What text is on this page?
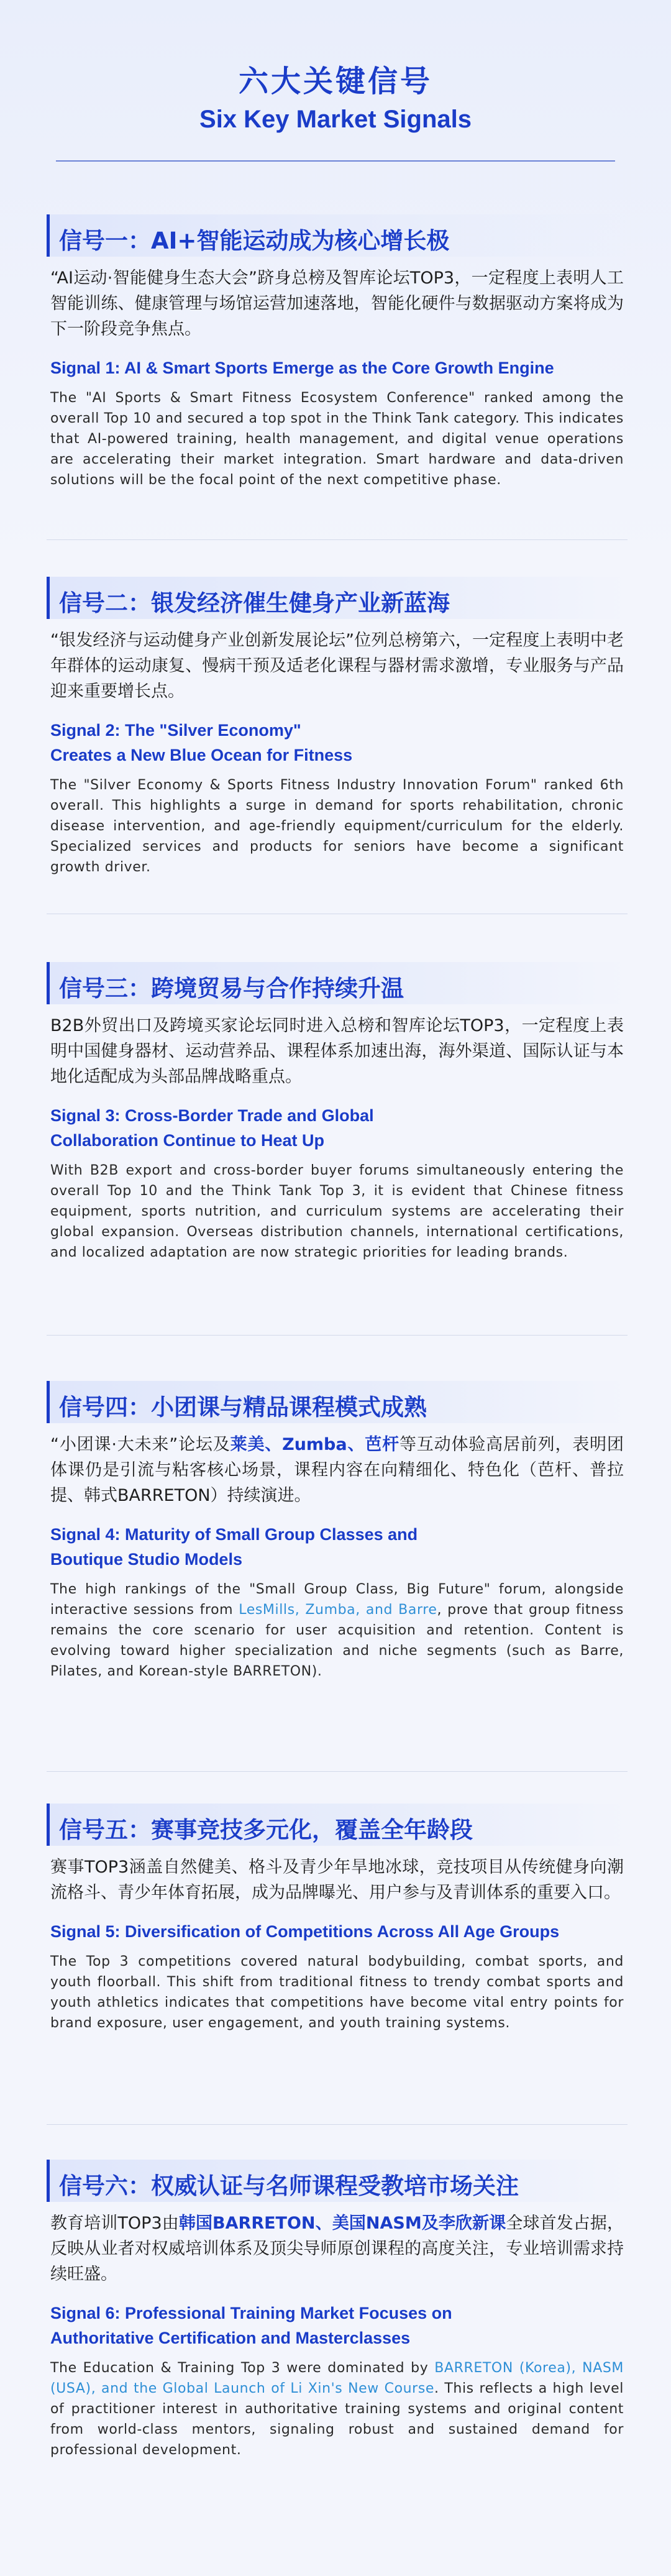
六大关键信号
Six Key Market Signals
信号一：AI+智能运动成为核心增长极
“AI运动·智能健身生态大会”跻身总榜及智库论坛TOP3，一定程度上表明人工智能训练、健康管理与场馆运营加速落地，智能化硬件与数据驱动方案将成为下一阶段竞争焦点。
Signal 1: AI & Smart Sports Emerge as the Core Growth Engine
The "AI Sports & Smart Fitness Ecosystem Conference" ranked among the overall Top 10 and secured a top spot in the Think Tank category. This indicates that AI-powered training, health management, and digital venue operations are accelerating their market integration. Smart hardware and data-driven solutions will be the focal point of the next competitive phase.
信号二：银发经济催生健身产业新蓝海
“银发经济与运动健身产业创新发展论坛”位列总榜第六，一定程度上表明中老年群体的运动康复、慢病干预及适老化课程与器材需求激增，专业服务与产品迎来重要增长点。
Signal 2: The "Silver Economy"
Creates a New Blue Ocean for Fitness
The "Silver Economy & Sports Fitness Industry Innovation Forum" ranked 6th overall. This highlights a surge in demand for sports rehabilitation, chronic disease intervention, and age-friendly equipment/curriculum for the elderly. Specialized services and products for seniors have become a significant growth driver.
信号三：跨境贸易与合作持续升温
B2B外贸出口及跨境买家论坛同时进入总榜和智库论坛TOP3，一定程度上表明中国健身器材、运动营养品、课程体系加速出海，海外渠道、国际认证与本地化适配成为头部品牌战略重点。
Signal 3: Cross-Border Trade and Global
Collaboration Continue to Heat Up
With B2B export and cross-border buyer forums simultaneously entering the overall Top 10 and the Think Tank Top 3, it is evident that Chinese fitness equipment, sports nutrition, and curriculum systems are accelerating their global expansion. Overseas distribution channels, international certifications, and localized adaptation are now strategic priorities for leading brands.
信号四：小团课与精品课程模式成熟
“小团课·大未来”论坛及莱美、Zumba、芭杆等互动体验高居前列，表明团体课仍是引流与粘客核心场景，课程内容在向精细化、特色化（芭杆、普拉提、韩式BARRETON）持续演进。
Signal 4: Maturity of Small Group Classes and
Boutique Studio Models
The high rankings of the "Small Group Class, Big Future" forum, alongside interactive sessions from LesMills, Zumba, and Barre, prove that group fitness remains the core scenario for user acquisition and retention. Content is evolving toward higher specialization and niche segments (such as Barre, Pilates, and Korean-style BARRETON).
信号五：赛事竞技多元化，覆盖全年龄段
赛事TOP3涵盖自然健美、格斗及青少年旱地冰球，竞技项目从传统健身向潮流格斗、青少年体育拓展，成为品牌曝光、用户参与及青训体系的重要入口。
Signal 5: Diversification of Competitions Across All Age Groups
The Top 3 competitions covered natural bodybuilding, combat sports, and youth floorball. This shift from traditional fitness to trendy combat sports and youth athletics indicates that competitions have become vital entry points for brand exposure, user engagement, and youth training systems.
信号六：权威认证与名师课程受教培市场关注
教育培训TOP3由韩国BARRETON、美国NASM及李欣新课全球首发占据，反映从业者对权威培训体系及顶尖导师原创课程的高度关注，专业培训需求持续旺盛。
Signal 6: Professional Training Market Focuses on
Authoritative Certification and Masterclasses
The Education & Training Top 3 were dominated by BARRETON (Korea), NASM (USA), and the Global Launch of Li Xin's New Course. This reflects a high level of practitioner interest in authoritative training systems and original content from world-class mentors, signaling robust and sustained demand for professional development.
